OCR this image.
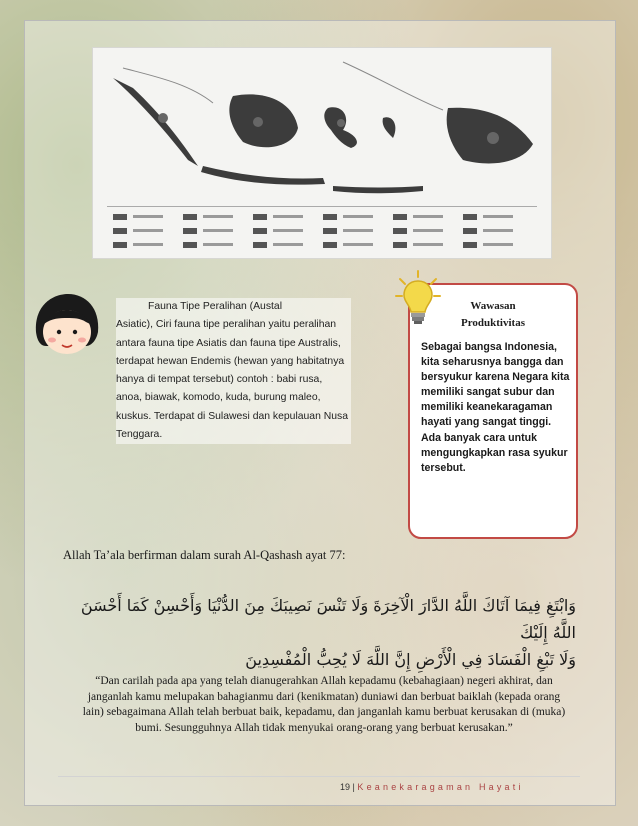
Fauna Tipe Peralihan (Austal
Asiatic), Ciri fauna tipe peralihan yaitu peralihan antara fauna tipe Asiatis dan fauna tipe Australis, terdapat hewan Endemis (hewan yang habitatnya hanya di tempat tersebut) contoh : babi rusa, anoa, biawak, komodo, kuda, burung maleo, kuskus. Terdapat di Sulawesi dan kepulauan Nusa Tenggara.
Wawasan
Produktivitas
Sebagai bangsa Indonesia, kita seharusnya bangga dan bersyukur karena Negara kita memiliki sangat subur dan memiliki keanekaragaman hayati yang sangat tinggi. Ada banyak cara untuk mengungkapkan rasa syukur tersebut.
Allah Ta’ala berfirman dalam surah Al-Qashash ayat 77:
وَابْتَغِ فِيمَا آتَاكَ اللَّهُ الدَّارَ الْآخِرَةَ وَلَا تَنْسَ نَصِيبَكَ مِنَ الدُّنْيَا وَأَحْسِنْ كَمَا أَحْسَنَ اللَّهُ إِلَيْكَ
وَلَا تَبْغِ الْفَسَادَ فِي الْأَرْضِ إِنَّ اللَّهَ لَا يُحِبُّ الْمُفْسِدِينَ
“Dan carilah pada apa yang telah dianugerahkan Allah kepadamu (kebahagiaan) negeri akhirat, dan janganlah kamu melupakan bahagianmu dari (kenikmatan) duniawi dan berbuat baiklah (kepada orang lain) sebagaimana Allah telah berbuat baik, kepadamu, dan janganlah kamu berbuat kerusakan di (muka) bumi. Sesungguhnya Allah tidak menyukai orang-orang yang berbuat kerusakan.”
19 | Keanekaragaman Hayati
